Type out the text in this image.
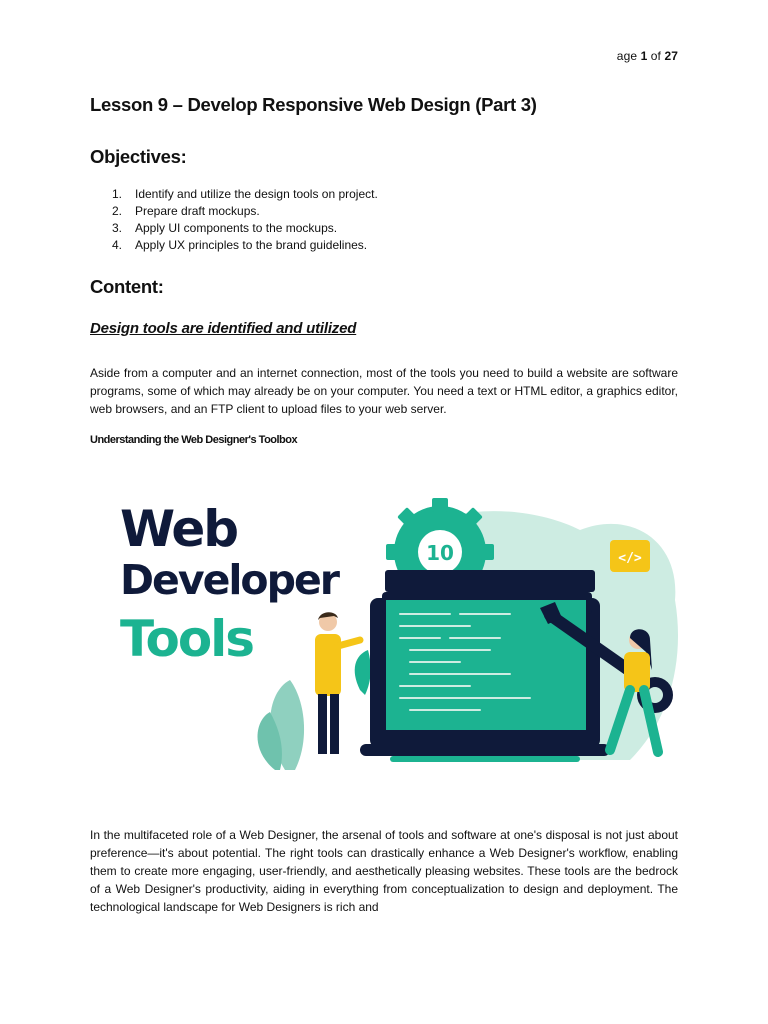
age 1 of 27
Lesson 9 – Develop Responsive Web Design (Part 3)
Objectives:
1. Identify and utilize the design tools on project.
2. Prepare draft mockups.
3. Apply UI components to the mockups.
4. Apply UX principles to the brand guidelines.
Content:
Design tools are identified and utilized

Aside from a computer and an internet connection, most of the tools you need to build a website are software programs, some of which may already be on your computer. You need a text or HTML editor, a graphics editor, web browsers, and an FTP client to upload files to your web server.

Understanding the Web Designer's Toolbox
10	</>
Web
Developer
Tools

In the multifaceted role of a Web Designer, the arsenal of tools and software at one's disposal is not just about preference—it's about potential. The right tools can drastically enhance a Web Designer's workflow, enabling them to create more engaging, user-friendly, and aesthetically pleasing websites. These tools are the bedrock of a Web Designer's productivity, aiding in everything from conceptualization to design and deployment. The technological landscape for Web Designers is rich and
